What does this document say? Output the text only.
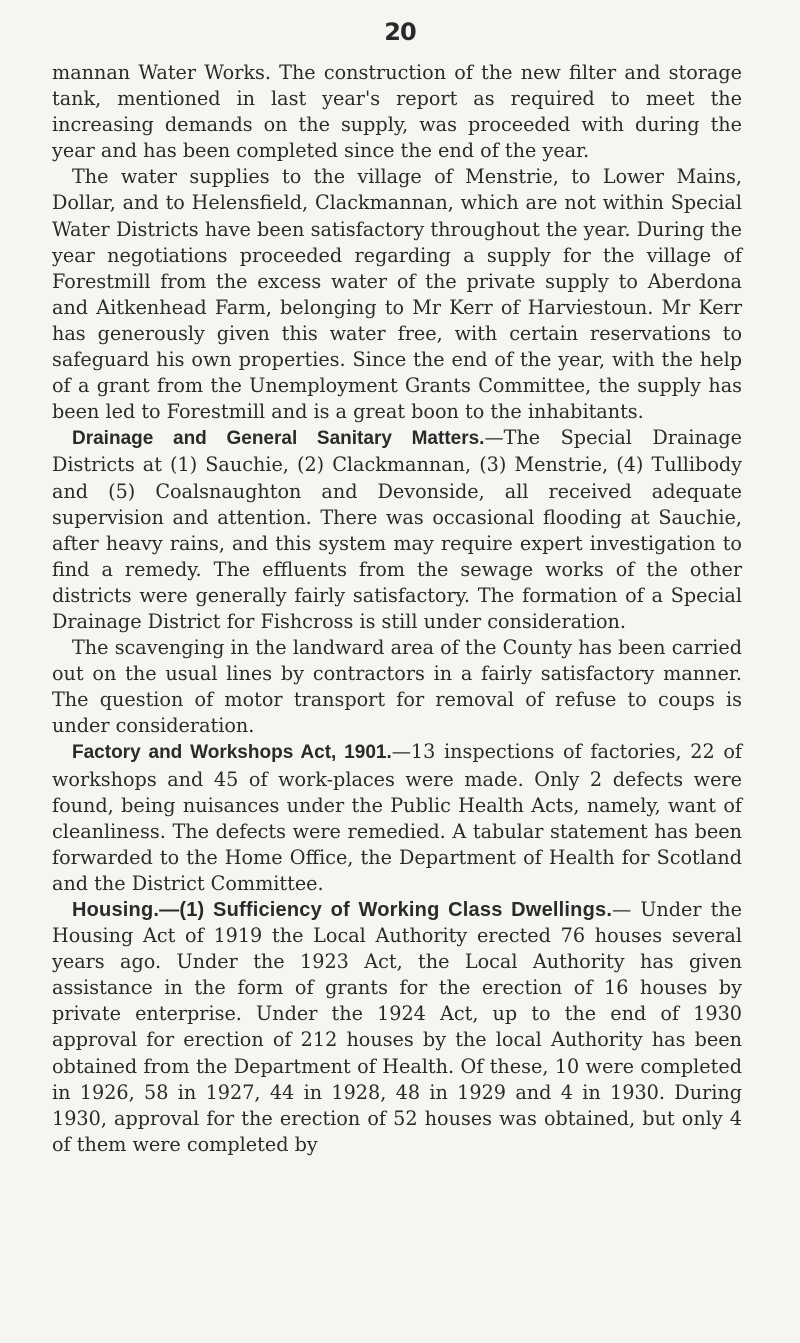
20

mannan Water Works. The construction of the new filter and storage tank, mentioned in last year's report as required to meet the increasing demands on the supply, was proceeded with during the year and has been completed since the end of the year.

The water supplies to the village of Menstrie, to Lower Mains, Dollar, and to Helensfield, Clackmannan, which are not within Special Water Districts have been satisfactory throughout the year. During the year negotiations proceeded regarding a supply for the village of Forestmill from the excess water of the private supply to Aberdona and Aitkenhead Farm, belonging to Mr Kerr of Harviestoun. Mr Kerr has generously given this water free, with certain reservations to safeguard his own properties. Since the end of the year, with the help of a grant from the Unemployment Grants Committee, the supply has been led to Forestmill and is a great boon to the inhabitants.

Drainage and General Sanitary Matters.—The Special Drainage Districts at (1) Sauchie, (2) Clackmannan, (3) Menstrie, (4) Tullibody and (5) Coalsnaughton and Devonside, all received adequate supervision and attention. There was occasional flooding at Sauchie, after heavy rains, and this system may require expert investigation to find a remedy. The effluents from the sewage works of the other districts were generally fairly satisfactory. The formation of a Special Drainage District for Fishcross is still under consideration.

The scavenging in the landward area of the County has been carried out on the usual lines by contractors in a fairly satisfactory manner. The question of motor transport for removal of refuse to coups is under consideration.

Factory and Workshops Act, 1901.—13 inspections of factories, 22 of workshops and 45 of work-places were made. Only 2 defects were found, being nuisances under the Public Health Acts, namely, want of cleanliness. The defects were remedied. A tabular statement has been forwarded to the Home Office, the Department of Health for Scotland and the District Committee.

Housing.—(1) Sufficiency of Working Class Dwellings.— Under the Housing Act of 1919 the Local Authority erected 76 houses several years ago. Under the 1923 Act, the Local Authority has given assistance in the form of grants for the erection of 16 houses by private enterprise. Under the 1924 Act, up to the end of 1930 approval for erection of 212 houses by the local Authority has been obtained from the Department of Health. Of these, 10 were completed in 1926, 58 in 1927, 44 in 1928, 48 in 1929 and 4 in 1930. During 1930, approval for the erection of 52 houses was obtained, but only 4 of them were completed by
